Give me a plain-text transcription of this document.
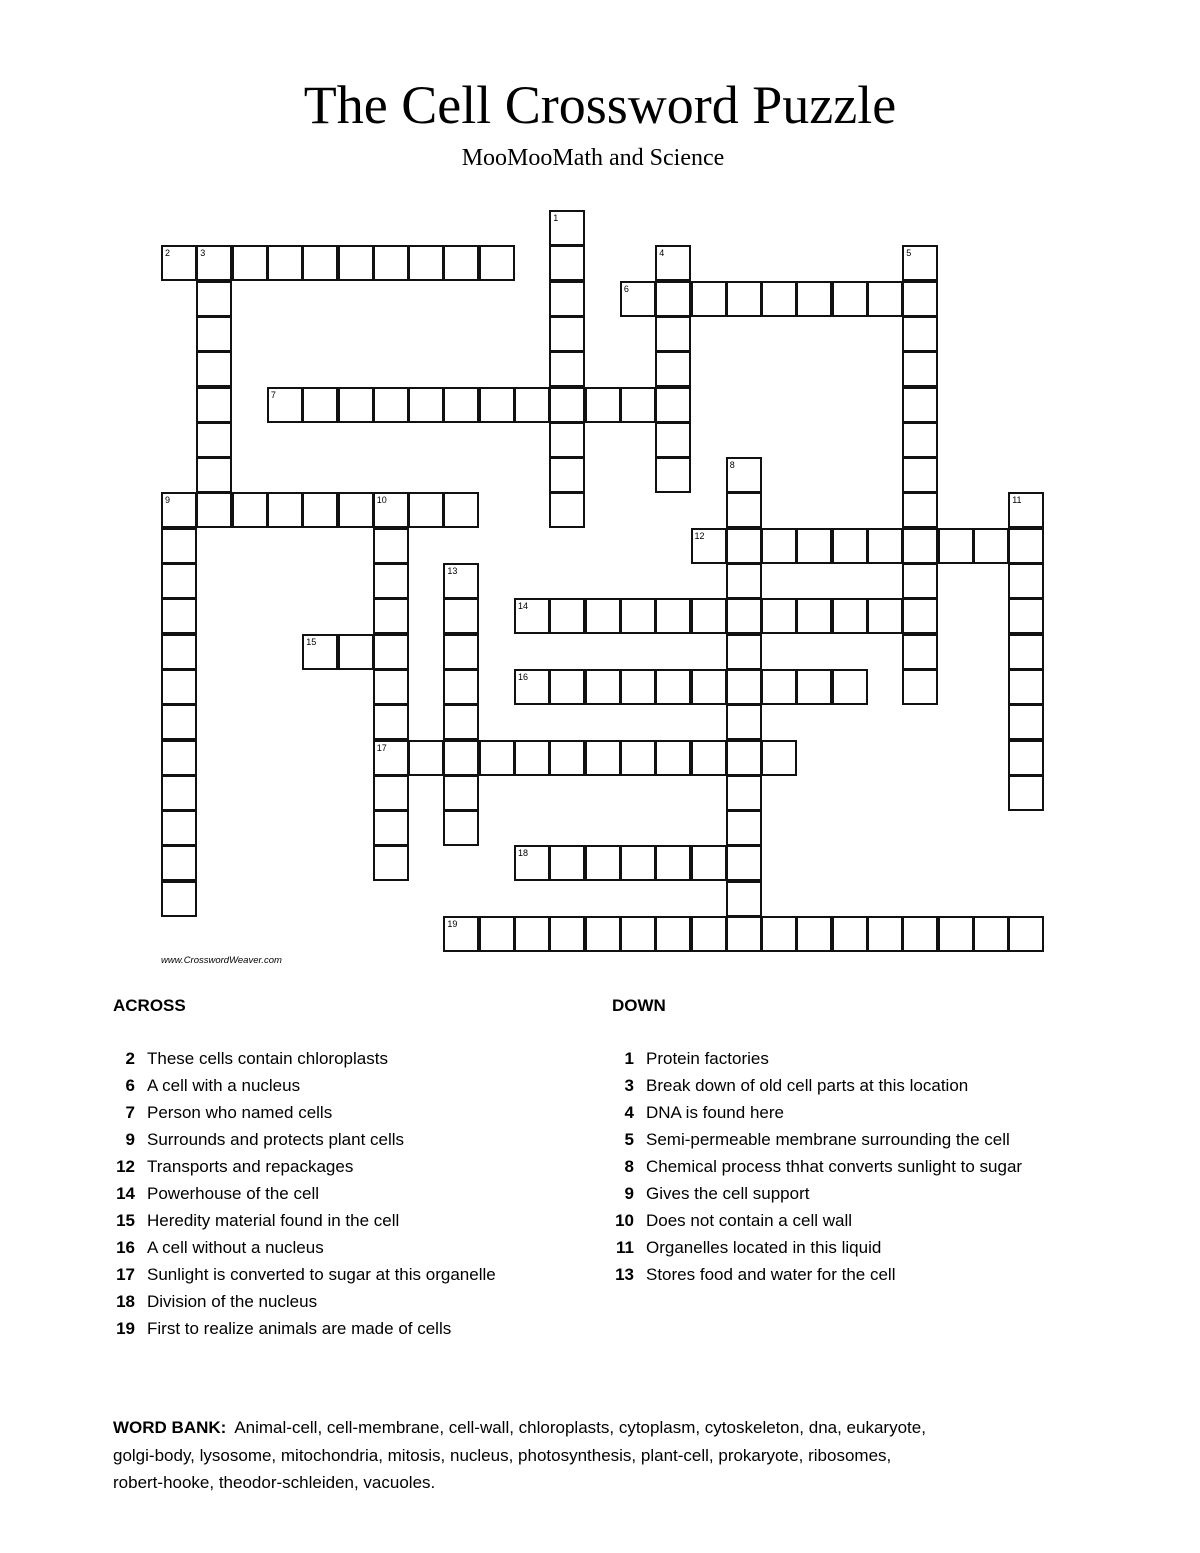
The Cell Crossword Puzzle
MooMooMath and Science
2	3
6
7
9	10
12
14
15
16
17
18
19
1
4	5
8
11
13
www.CrosswordWeaver.com
ACROSS
2 These cells contain chloroplasts
6 A cell with a nucleus
7 Person who named cells
9 Surrounds and protects plant cells
12 Transports and repackages
14 Powerhouse of the cell
15 Heredity material found in the cell
16 A cell without a nucleus
17 Sunlight is converted to sugar at this organelle
18 Division of the nucleus
19 First to realize animals are made of cells
DOWN
1 Protein factories
3 Break down of old cell parts at this location
4 DNA is found here
5 Semi-permeable membrane surrounding the cell
8 Chemical process thhat converts sunlight to sugar
9 Gives the cell support
10 Does not contain a cell wall
11 Organelles located in this liquid
13 Stores food and water for the cell
WORD BANK: Animal-cell, cell-membrane, cell-wall, chloroplasts, cytoplasm, cytoskeleton, dna, eukaryote, golgi-body, lysosome, mitochondria, mitosis, nucleus, photosynthesis, plant-cell, prokaryote, ribosomes, robert-hooke, theodor-schleiden, vacuoles.
